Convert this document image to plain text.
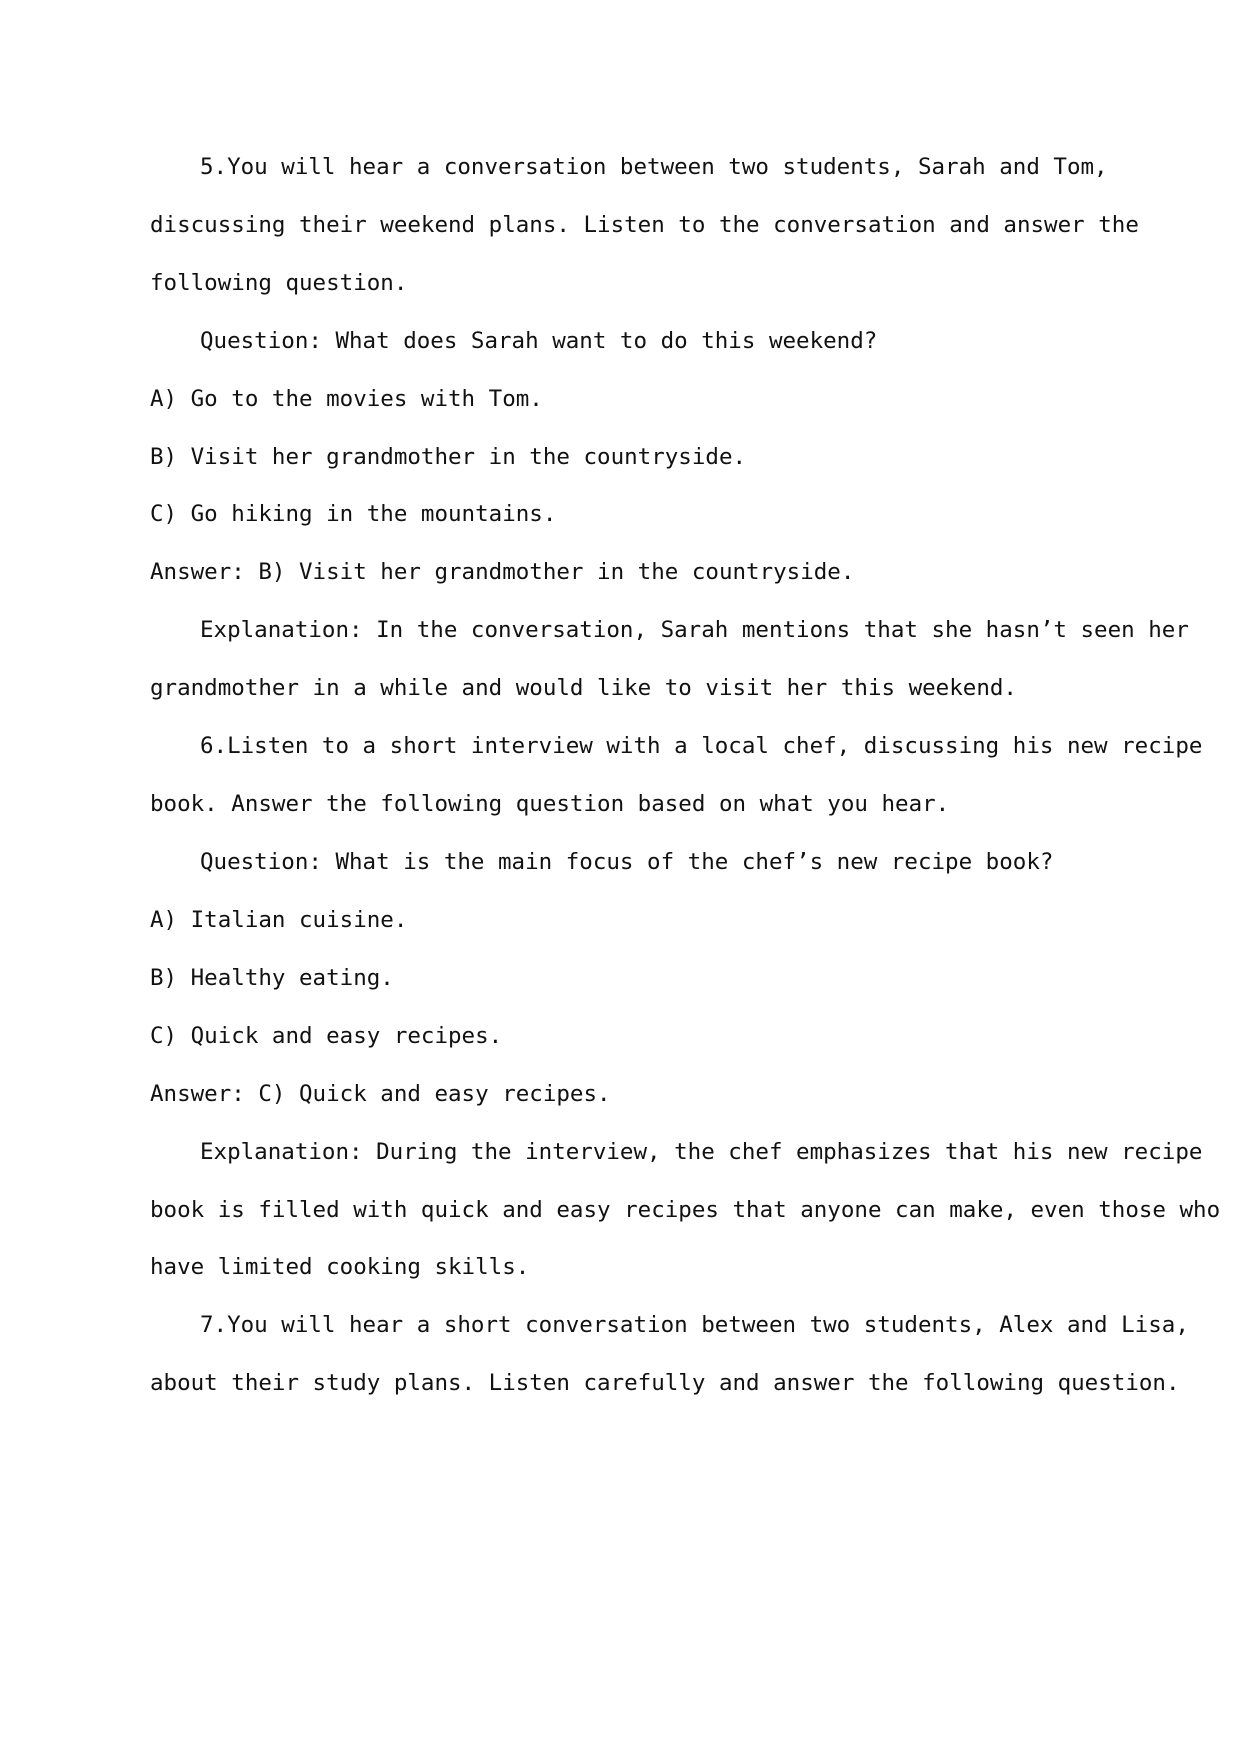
5.You will hear a conversation between two students, Sarah and Tom,
discussing their weekend plans. Listen to the conversation and answer the
following question.
Question: What does Sarah want to do this weekend?
A) Go to the movies with Tom.
B) Visit her grandmother in the countryside.
C) Go hiking in the mountains.
Answer: B) Visit her grandmother in the countryside.
Explanation: In the conversation, Sarah mentions that she hasn’t seen her
grandmother in a while and would like to visit her this weekend.
6.Listen to a short interview with a local chef, discussing his new recipe
book. Answer the following question based on what you hear.
Question: What is the main focus of the chef’s new recipe book?
A) Italian cuisine.
B) Healthy eating.
C) Quick and easy recipes.
Answer: C) Quick and easy recipes.
Explanation: During the interview, the chef emphasizes that his new recipe
book is filled with quick and easy recipes that anyone can make, even those who
have limited cooking skills.
7.You will hear a short conversation between two students, Alex and Lisa,
about their study plans. Listen carefully and answer the following question.
